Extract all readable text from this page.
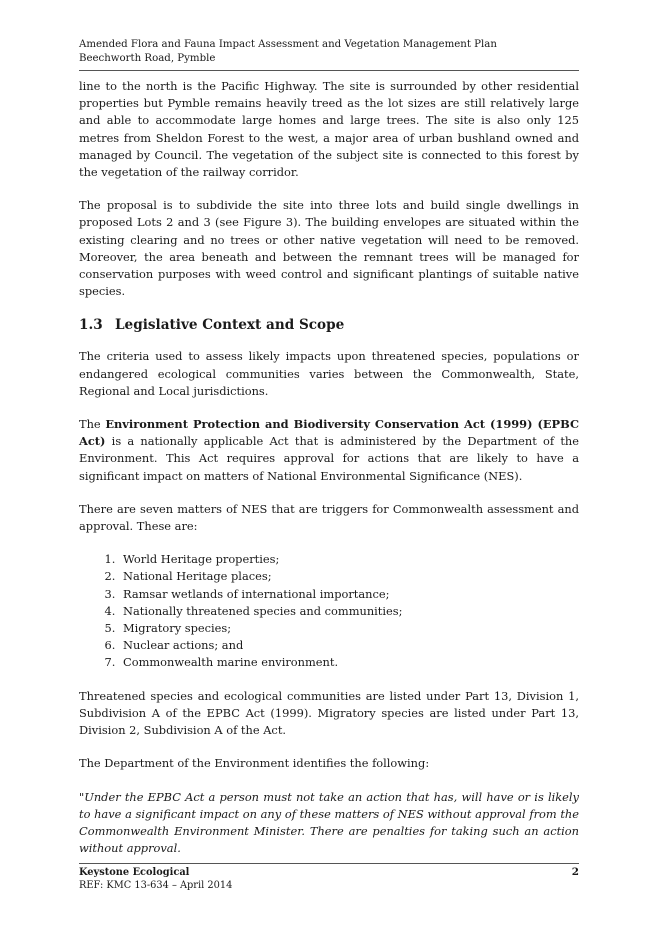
Amended Flora and Fauna Impact Assessment and Vegetation Management Plan
Beechworth Road, Pymble

line to the north is the Pacific Highway. The site is surrounded by other residential properties but Pymble remains heavily treed as the lot sizes are still relatively large and able to accommodate large homes and large trees. The site is also only 125 metres from Sheldon Forest to the west, a major area of urban bushland owned and managed by Council. The vegetation of the subject site is connected to this forest by the vegetation of the railway corridor.

The proposal is to subdivide the site into three lots and build single dwellings in proposed Lots 2 and 3 (see Figure 3). The building envelopes are situated within the existing clearing and no trees or other native vegetation will need to be removed. Moreover, the area beneath and between the remnant trees will be managed for conservation purposes with weed control and significant plantings of suitable native species.

1.3 Legislative Context and Scope

The criteria used to assess likely impacts upon threatened species, populations or endangered ecological communities varies between the Commonwealth, State, Regional and Local jurisdictions.

The Environment Protection and Biodiversity Conservation Act (1999) (EPBC Act) is a nationally applicable Act that is administered by the Department of the Environment. This Act requires approval for actions that are likely to have a significant impact on matters of National Environmental Significance (NES).

There are seven matters of NES that are triggers for Commonwealth assessment and approval. These are:

1. World Heritage properties;
2. National Heritage places;
3. Ramsar wetlands of international importance;
4. Nationally threatened species and communities;
5. Migratory species;
6. Nuclear actions; and
7. Commonwealth marine environment.

Threatened species and ecological communities are listed under Part 13, Division 1, Subdivision A of the EPBC Act (1999). Migratory species are listed under Part 13, Division 2, Subdivision A of the Act.

The Department of the Environment identifies the following:

"Under the EPBC Act a person must not take an action that has, will have or is likely to have a significant impact on any of these matters of NES without approval from the Commonwealth Environment Minister. There are penalties for taking such an action without approval.

Keystone Ecological
REF: KMC 13-634 – April 2014
2
